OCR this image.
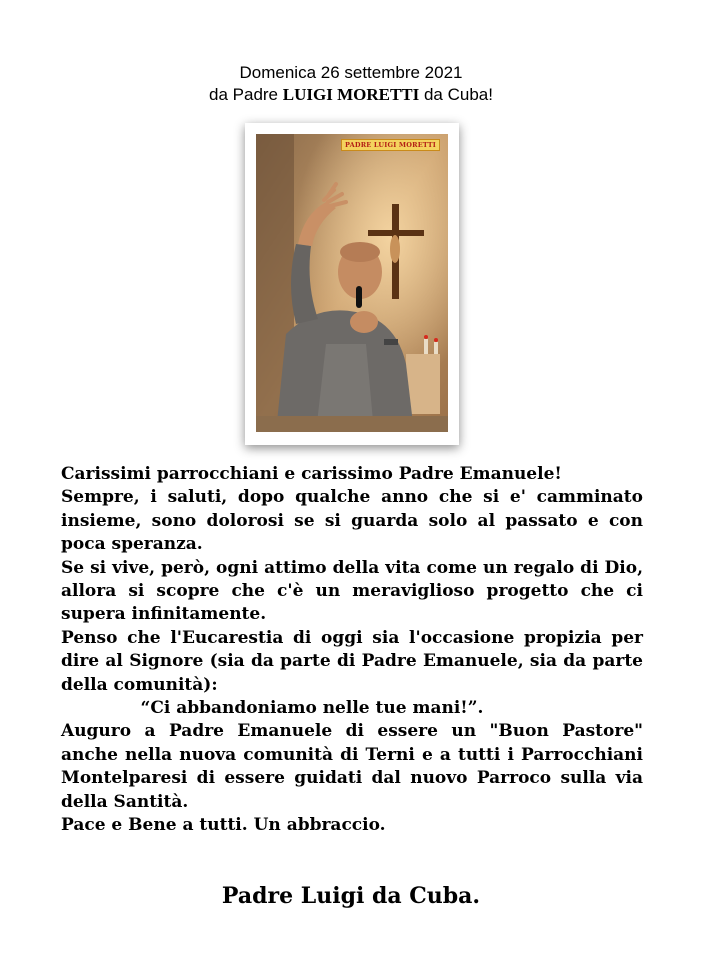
Domenica 26 settembre 2021
da Padre LUIGI MORETTI da Cuba!
PADRE LUIGI MORETTI

Carissimi parrocchiani e carissimo Padre Emanuele!

Sempre, i saluti, dopo qualche anno che si e' camminato insieme, sono dolorosi se si guarda solo al passato e con poca speranza.

Se si vive, però, ogni attimo della vita come un regalo di Dio, allora si scopre che c'è un meraviglioso progetto che ci supera infinitamente.

Penso che l'Eucarestia di oggi sia l'occasione propizia per dire al Signore (sia da parte di Padre Emanuele, sia da parte della comunità):

“Ci abbandoniamo nelle tue mani!”.

Auguro a Padre Emanuele di essere un "Buon Pastore" anche nella nuova comunità di Terni e a tutti i Parrocchiani Montelparesi di essere guidati dal nuovo Parroco sulla via della Santità.

Pace e Bene a tutti. Un abbraccio.

Padre Luigi da Cuba.
